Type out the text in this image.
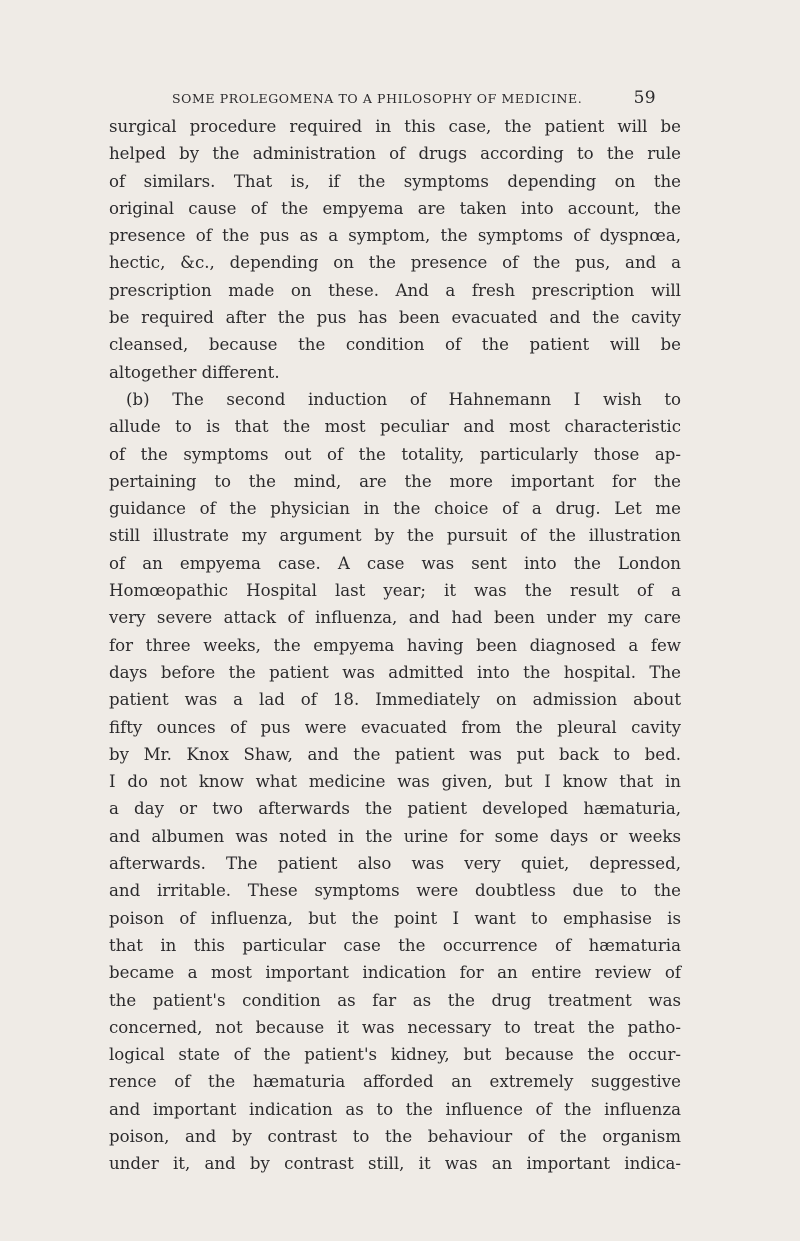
SOME PROLEGOMENA TO A PHILOSOPHY OF MEDICINE.	59
surgical procedure required in this case, the patient will be
helped by the administration of drugs according to the rule
of similars. That is, if the symptoms depending on the
original cause of the empyema are taken into account, the
presence of the pus as a symptom, the symptoms of dyspnœa,
hectic, &c., depending on the presence of the pus, and a
prescription made on these. And a fresh prescription will
be required after the pus has been evacuated and the cavity
cleansed, because the condition of the patient will be
altogether different.
(b) The second induction of Hahnemann I wish to
allude to is that the most peculiar and most characteristic
of the symptoms out of the totality, particularly those ap-
pertaining to the mind, are the more important for the
guidance of the physician in the choice of a drug. Let me
still illustrate my argument by the pursuit of the illustration
of an empyema case. A case was sent into the London
Homœopathic Hospital last year; it was the result of a
very severe attack of influenza, and had been under my care
for three weeks, the empyema having been diagnosed a few
days before the patient was admitted into the hospital. The
patient was a lad of 18. Immediately on admission about
fifty ounces of pus were evacuated from the pleural cavity
by Mr. Knox Shaw, and the patient was put back to bed.
I do not know what medicine was given, but I know that in
a day or two afterwards the patient developed hæmaturia,
and albumen was noted in the urine for some days or weeks
afterwards. The patient also was very quiet, depressed,
and irritable. These symptoms were doubtless due to the
poison of influenza, but the point I want to emphasise is
that in this particular case the occurrence of hæmaturia
became a most important indication for an entire review of
the patient's condition as far as the drug treatment was
concerned, not because it was necessary to treat the patho-
logical state of the patient's kidney, but because the occur-
rence of the hæmaturia afforded an extremely suggestive
and important indication as to the influence of the influenza
poison, and by contrast to the behaviour of the organism
under it, and by contrast still, it was an important indica-
